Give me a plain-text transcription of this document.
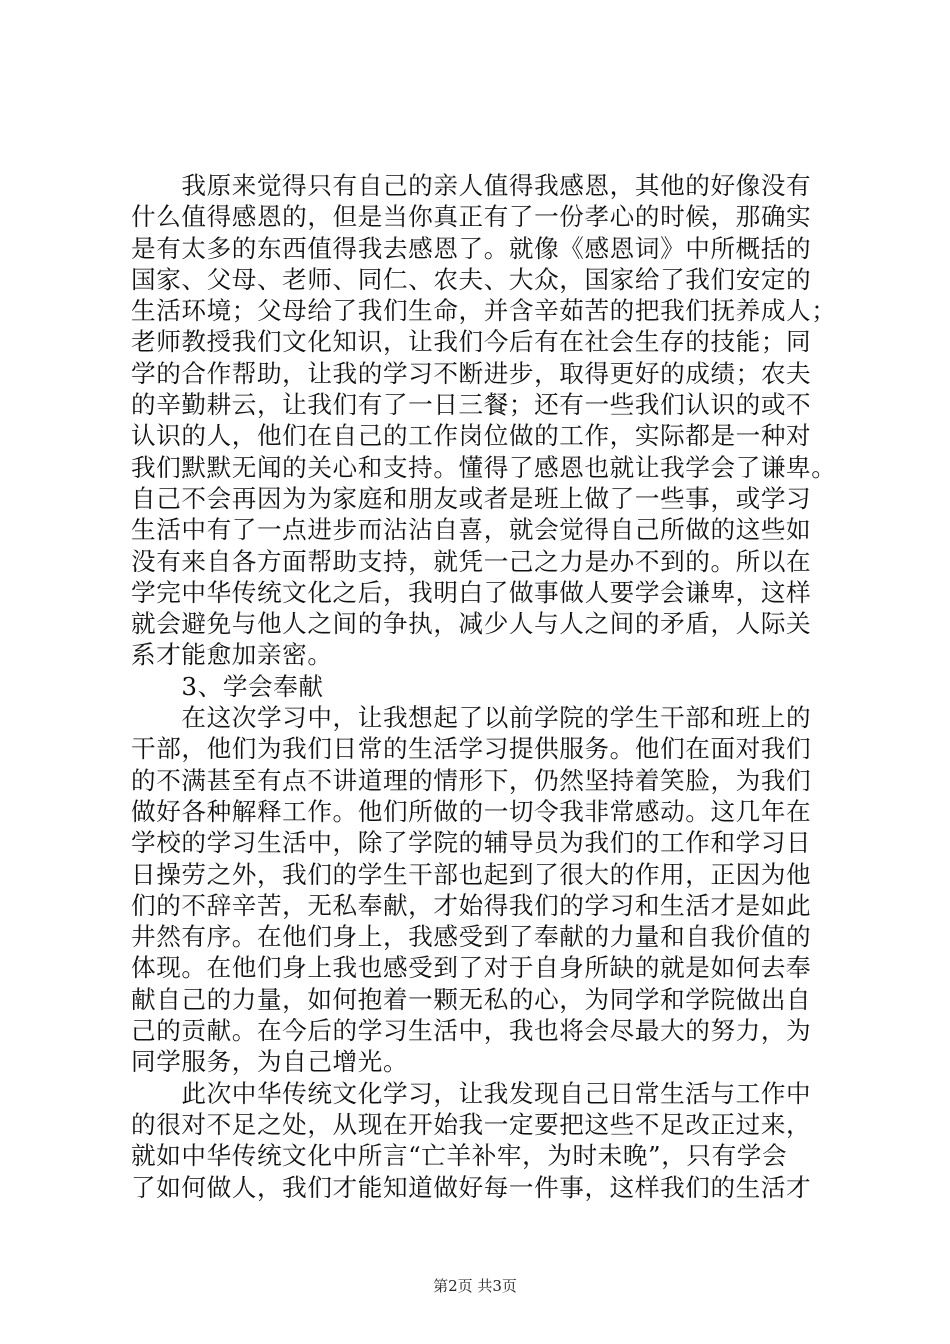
　　我原来觉得只有自己的亲人值得我感恩，其他的好像没有
什么值得感恩的，但是当你真正有了一份孝心的时候，那确实
是有太多的东西值得我去感恩了。就像《感恩词》中所概括的
国家、父母、老师、同仁、农夫、大众，国家给了我们安定的
生活环境；父母给了我们生命，并含辛茹苦的把我们抚养成人；
老师教授我们文化知识，让我们今后有在社会生存的技能；同
学的合作帮助，让我的学习不断进步，取得更好的成绩；农夫
的辛勤耕云，让我们有了一日三餐；还有一些我们认识的或不
认识的人，他们在自己的工作岗位做的工作，实际都是一种对
我们默默无闻的关心和支持。懂得了感恩也就让我学会了谦卑。
自己不会再因为为家庭和朋友或者是班上做了一些事，或学习
生活中有了一点进步而沾沾自喜，就会觉得自己所做的这些如
没有来自各方面帮助支持，就凭一己之力是办不到的。所以在
学完中华传统文化之后，我明白了做事做人要学会谦卑，这样
就会避免与他人之间的争执，减少人与人之间的矛盾，人际关
系才能愈加亲密。
　　3、学会奉献
　　在这次学习中，让我想起了以前学院的学生干部和班上的
干部，他们为我们日常的生活学习提供服务。他们在面对我们
的不满甚至有点不讲道理的情形下，仍然坚持着笑脸，为我们
做好各种解释工作。他们所做的一切令我非常感动。这几年在
学校的学习生活中，除了学院的辅导员为我们的工作和学习日
日操劳之外，我们的学生干部也起到了很大的作用，正因为他
们的不辞辛苦，无私奉献，才始得我们的学习和生活才是如此
井然有序。在他们身上，我感受到了奉献的力量和自我价值的
体现。在他们身上我也感受到了对于自身所缺的就是如何去奉
献自己的力量，如何抱着一颗无私的心，为同学和学院做出自
己的贡献。在今后的学习生活中，我也将会尽最大的努力，为
同学服务，为自己增光。
　　此次中华传统文化学习，让我发现自己日常生活与工作中
的很对不足之处，从现在开始我一定要把这些不足改正过来，
就如中华传统文化中所言“亡羊补牢，为时未晚”，只有学会
了如何做人，我们才能知道做好每一件事，这样我们的生活才
第2页 共3页
